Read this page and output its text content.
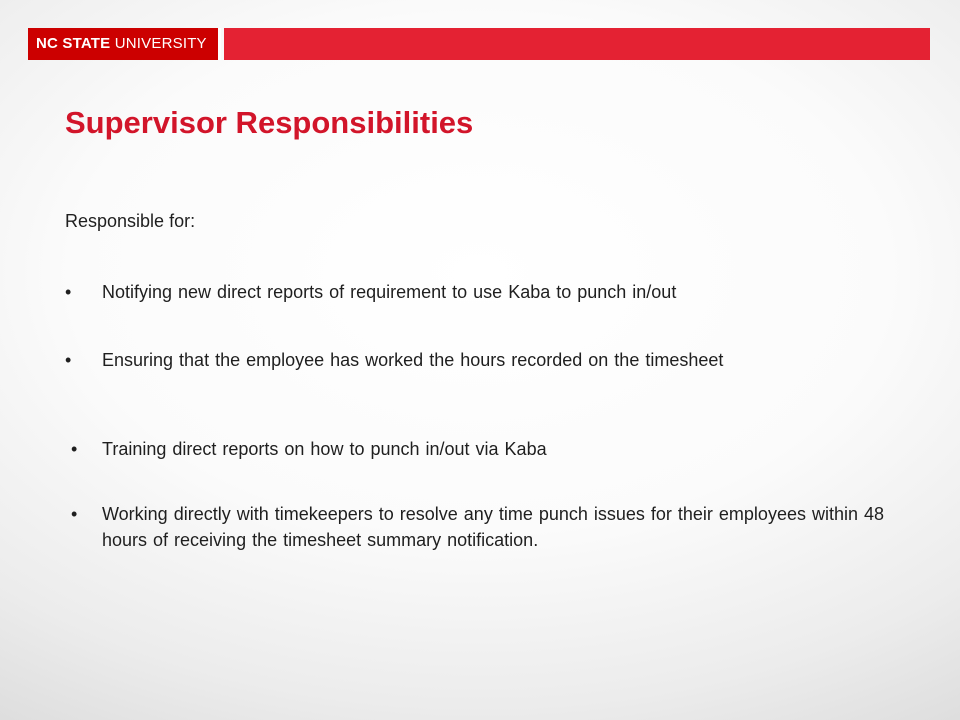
NC STATE UNIVERSITY
Supervisor Responsibilities

Responsible for:

•	Notifying new direct reports of requirement to use Kaba to punch in/out
•	Ensuring that the employee has worked the hours recorded on the timesheet
•	Training direct reports on how to punch in/out via Kaba
•	Working directly with timekeepers to resolve any time punch issues for their employees within 48 hours of receiving the timesheet summary notification.
